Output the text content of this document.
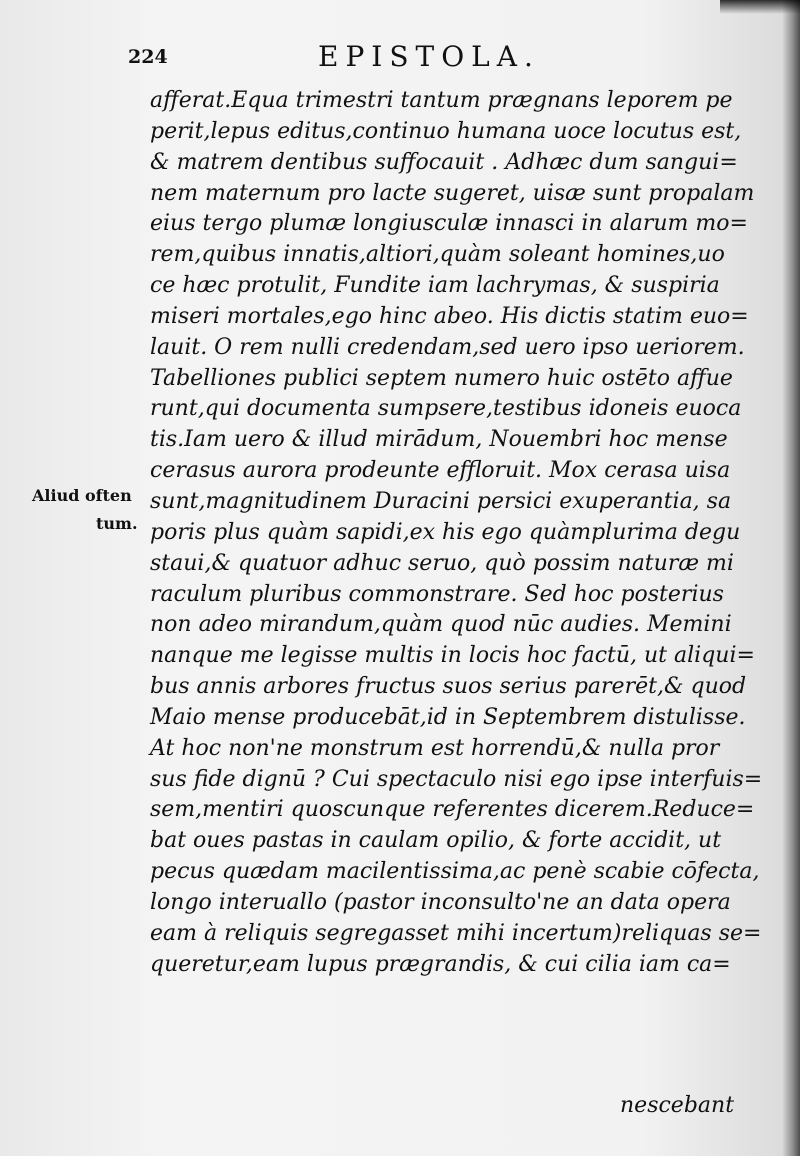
224	EPISTOLA.
Aliud often
tum.
afferat.Equa trimestri tantum prægnans leporem pe
perit,lepus editus,continuo humana uoce locutus est,
& matrem dentibus suffocauit . Adhæc dum sangui=
nem maternum pro lacte sugeret, uisæ sunt propalam
eius tergo plumæ longiusculæ innasci in alarum mo=
rem,quibus innatis,altiori,quàm soleant homines,uo
ce hæc protulit, Fundite iam lachrymas, & suspiria
miseri mortales,ego hinc abeo. His dictis statim euo=
lauit. O rem nulli credendam,sed uero ipso ueriorem.
Tabelliones publici septem numero huic ostēto affue
runt,qui documenta sumpsere,testibus idoneis euoca
tis.Iam uero & illud mirādum, Nouembri hoc mense
cerasus aurora prodeunte effloruit. Mox cerasa uisa
sunt,magnitudinem Duracini persici exuperantia, sa
poris plus quàm sapidi,ex his ego quàmplurima degu
staui,& quatuor adhuc seruo, quò possim naturæ mi
raculum pluribus commonstrare. Sed hoc posterius
non adeo mirandum,quàm quod nūc audies. Memini
nanque me legisse multis in locis hoc factū, ut aliqui=
bus annis arbores fructus suos serius parerēt,& quod
Maio mense producebāt,id in Septembrem distulisse.
At hoc non'ne monstrum est horrendū,& nulla pror
sus fide dignū ? Cui spectaculo nisi ego ipse interfuis=
sem,mentiri quoscunque referentes dicerem.Reduce=
bat oues pastas in caulam opilio, & forte accidit, ut
pecus quædam macilentissima,ac penè scabie cōfecta,
longo interuallo (pastor inconsulto'ne an data opera
eam à reliquis segregasset mihi incertum)reliquas se=
queretur,eam lupus prægrandis, & cui cilia iam ca=
nescebant
